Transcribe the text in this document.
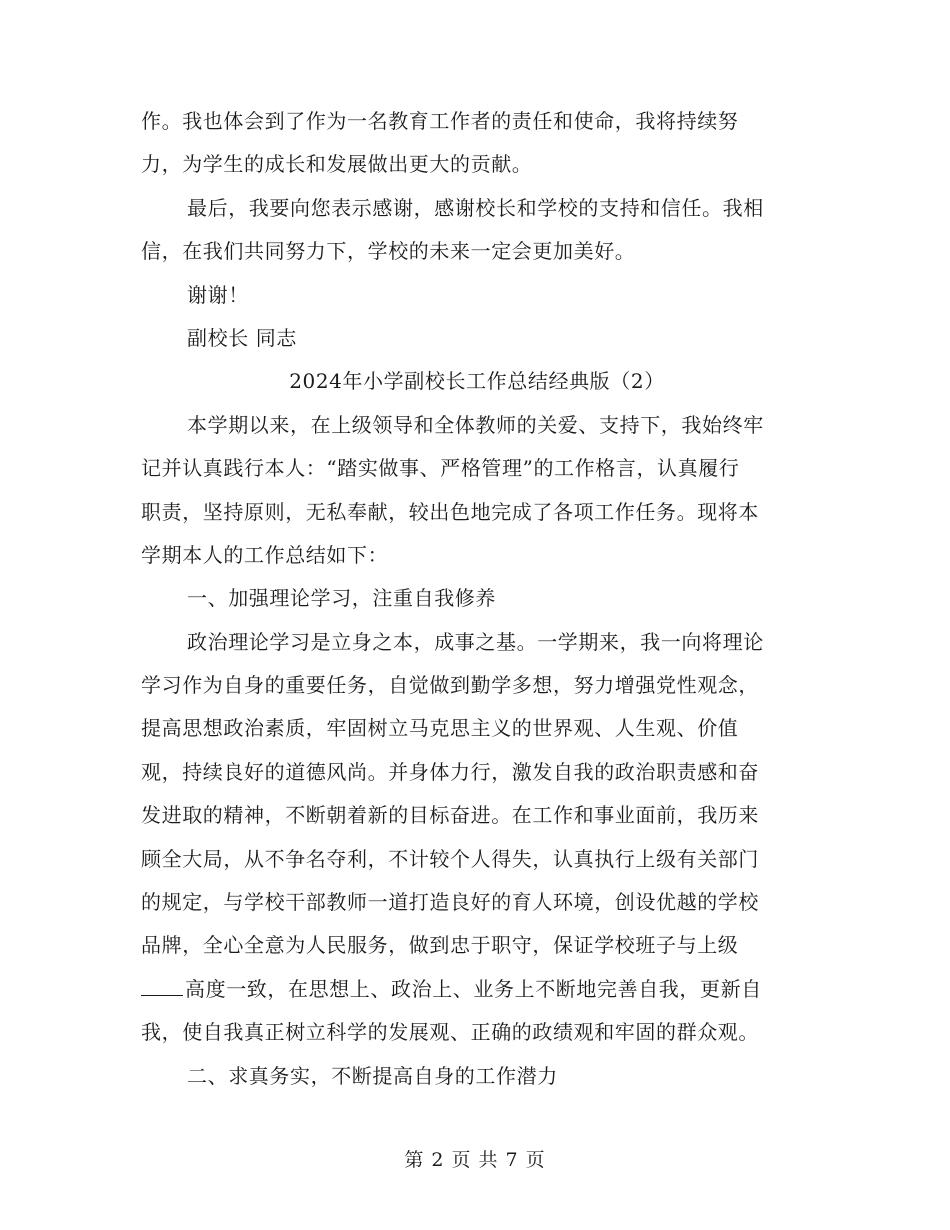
作。我也体会到了作为一名教育工作者的责任和使命，我将持续努
力，为学生的成长和发展做出更大的贡献。
最后，我要向您表示感谢，感谢校长和学校的支持和信任。我相
信，在我们共同努力下，学校的未来一定会更加美好。
谢谢！
副校长 同志
2024年小学副校长工作总结经典版（2）
本学期以来，在上级领导和全体教师的关爱、支持下，我始终牢
记并认真践行本人：“踏实做事、严格管理”的工作格言，认真履行
职责，坚持原则，无私奉献，较出色地完成了各项工作任务。现将本
学期本人的工作总结如下：
一、加强理论学习，注重自我修养
政治理论学习是立身之本，成事之基。一学期来，我一向将理论
学习作为自身的重要任务，自觉做到勤学多想，努力增强党性观念，
提高思想政治素质，牢固树立马克思主义的世界观、人生观、价值
观，持续良好的道德风尚。并身体力行，激发自我的政治职责感和奋
发进取的精神，不断朝着新的目标奋进。在工作和事业面前，我历来
顾全大局，从不争名夺利，不计较个人得失，认真执行上级有关部门
的规定，与学校干部教师一道打造良好的育人环境，创设优越的学校
品牌，全心全意为人民服务，做到忠于职守，保证学校班子与上级
高度一致，在思想上、政治上、业务上不断地完善自我，更新自
我，使自我真正树立科学的发展观、正确的政绩观和牢固的群众观。
二、求真务实，不断提高自身的工作潜力
第 2 页 共 7 页
